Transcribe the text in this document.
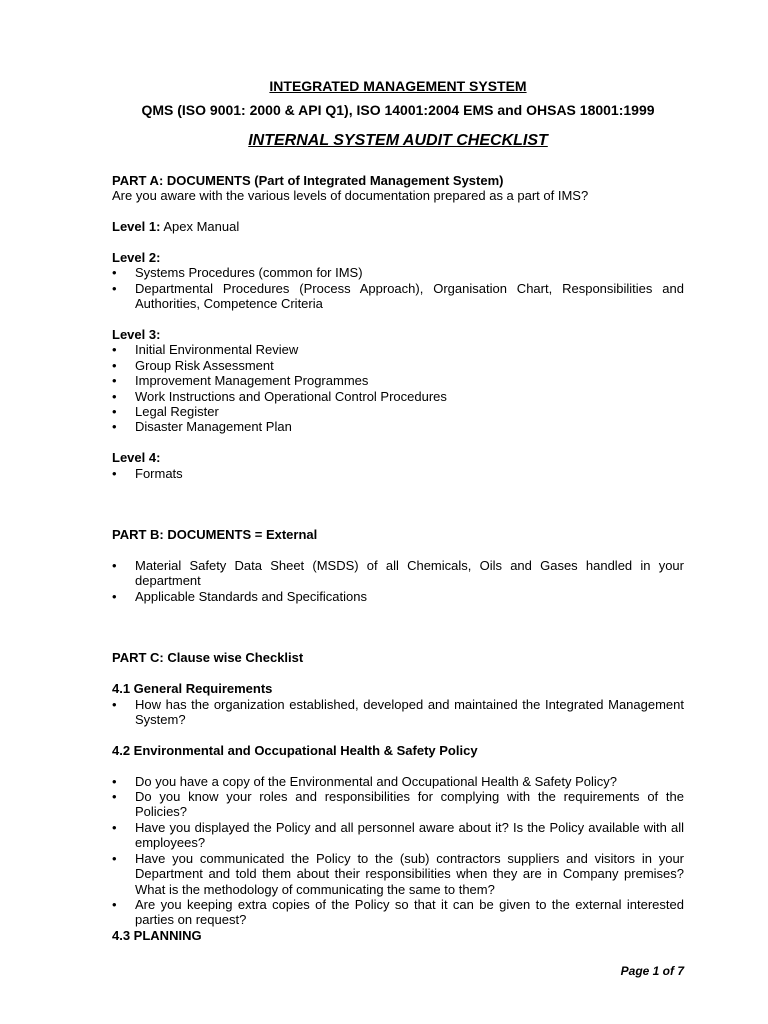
INTEGRATED MANAGEMENT SYSTEM
QMS (ISO 9001: 2000 & API Q1), ISO 14001:2004 EMS and OHSAS 18001:1999
INTERNAL SYSTEM AUDIT CHECKLIST

PART A: DOCUMENTS (Part of Integrated Management System)

Are you aware with the various levels of documentation prepared as a part of IMS?

Level 1: Apex Manual

Level 2:

• Systems Procedures (common for IMS)
• Departmental Procedures (Process Approach), Organisation Chart, Responsibilities and Authorities, Competence Criteria

Level 3:

• Initial Environmental Review
• Group Risk Assessment
• Improvement Management Programmes
• Work Instructions and Operational Control Procedures
• Legal Register
• Disaster Management Plan

Level 4:

• Formats

PART B: DOCUMENTS = External

• Material Safety Data Sheet (MSDS) of all Chemicals, Oils and Gases handled in your department
• Applicable Standards and Specifications

PART C: Clause wise Checklist

4.1 General Requirements

• How has the organization established, developed and maintained the Integrated Management System?

4.2 Environmental and Occupational Health & Safety Policy

• Do you have a copy of the Environmental and Occupational Health & Safety Policy?
• Do you know your roles and responsibilities for complying with the requirements of the Policies?
• Have you displayed the Policy and all personnel aware about it? Is the Policy available with all employees?
• Have you communicated the Policy to the (sub) contractors suppliers and visitors in your Department and told them about their responsibilities when they are in Company premises? What is the methodology of communicating the same to them?
• Are you keeping extra copies of the Policy so that it can be given to the external interested parties on request?

4.3 PLANNING

Page 1 of 7
